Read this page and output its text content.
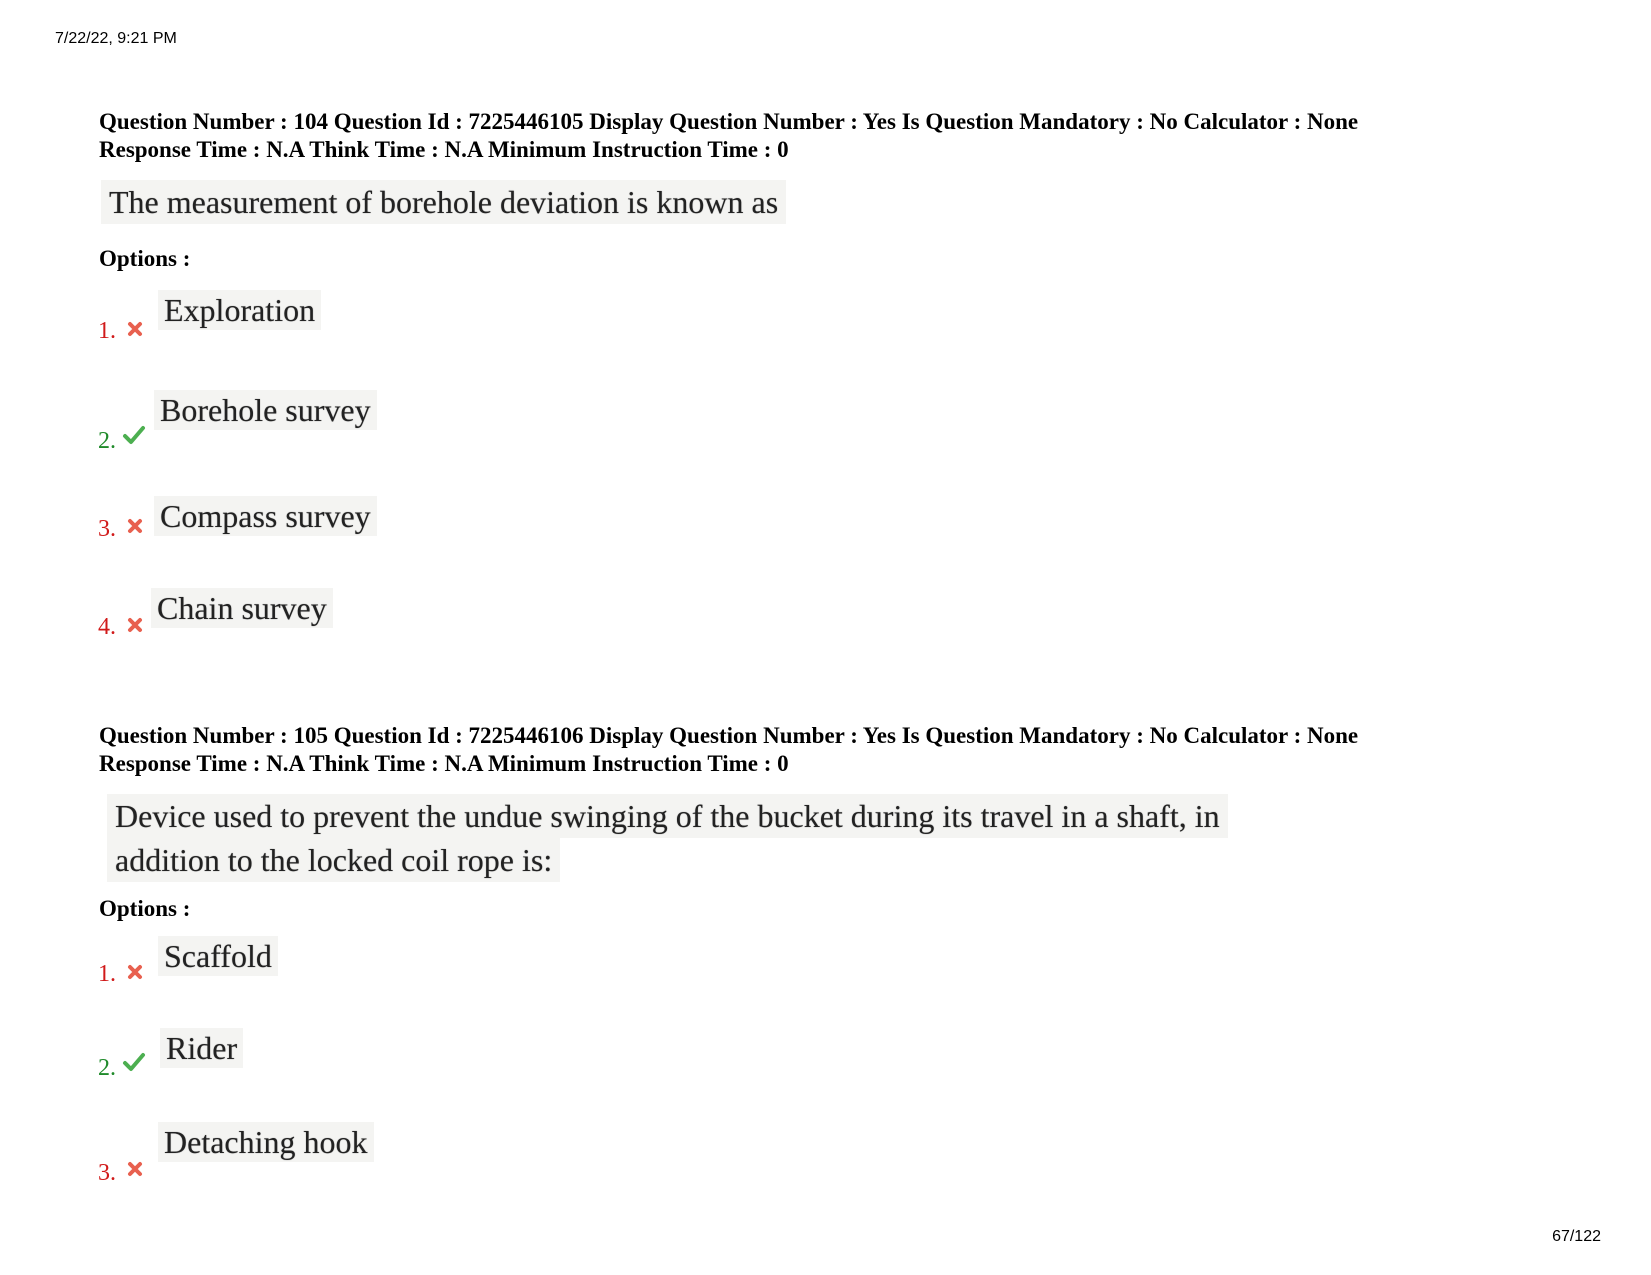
7/22/22, 9:21 PM
Question Number : 104 Question Id : 7225446105 Display Question Number : Yes Is Question Mandatory : No Calculator : None
Response Time : N.A Think Time : N.A Minimum Instruction Time : 0
The measurement of borehole deviation is known as
Options :
1.
Exploration
2.
Borehole survey
3. Compass survey
4.
Chain survey
Question Number : 105 Question Id : 7225446106 Display Question Number : Yes Is Question Mandatory : No Calculator : None
Response Time : N.A Think Time : N.A Minimum Instruction Time : 0
Device used to prevent the undue swinging of the bucket during its travel in a shaft, in
addition to the locked coil rope is:
Options :
1. Scaffold
2.
Rider
3.
Detaching hook
67/122
